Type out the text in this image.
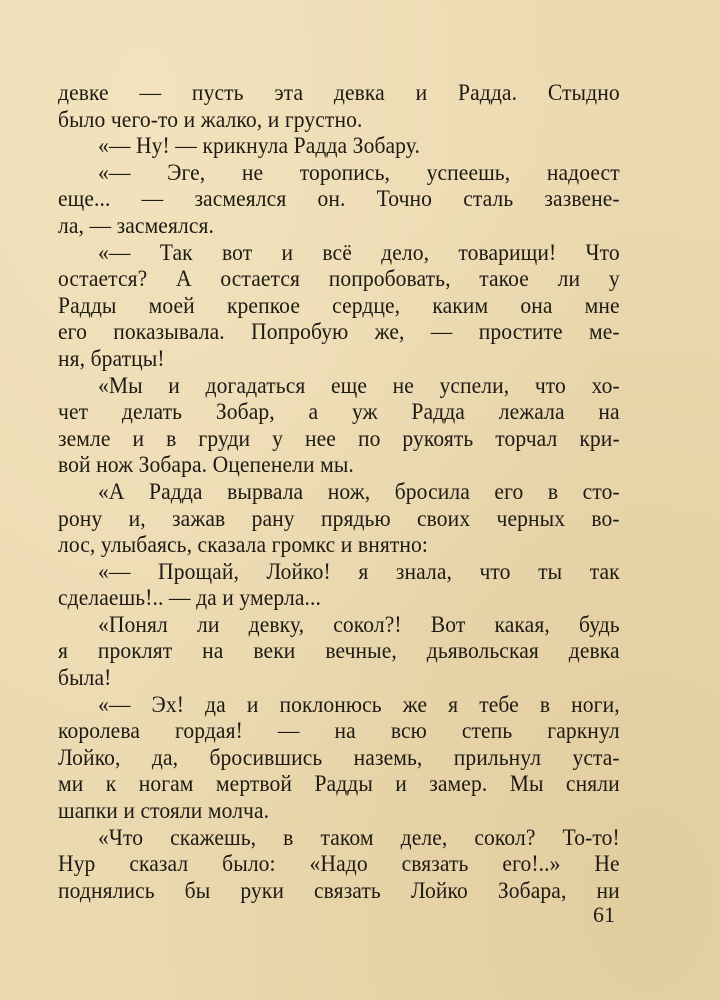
девке — пусть эта девка и Радда. Стыдно
было чего-то и жалко, и грустно.
«— Ну! — крикнула Радда Зобару.
«— Эге, не торопись, успеешь, надоест
еще... — засмеялся он. Точно сталь зазвене-
ла, — засмеялся.
«— Так вот и всё дело, товарищи! Что
остается? А остается попробовать, такое ли у
Радды моей крепкое сердце, каким она мне
его показывала. Попробую же, — простите ме-
ня, братцы!
«Мы и догадаться еще не успели, что хо-
чет делать Зобар, а уж Радда лежала на
земле и в груди у нее по рукоять торчал кри-
вой нож Зобара. Оцепенели мы.
«А Радда вырвала нож, бросила его в сто-
рону и, зажав рану прядью своих черных во-
лос, улыбаясь, сказала громкс и внятно:
«— Прощай, Лойко! я знала, что ты так
сделаешь!.. — да и умерла...
«Понял ли девку, сокол?! Вот какая, будь
я проклят на веки вечные, дьявольская девка
была!
«— Эх! да и поклонюсь же я тебе в ноги,
королева гордая! — на всю степь гаркнул
Лойко, да, бросившись наземь, прильнул уста-
ми к ногам мертвой Радды и замер. Мы сняли
шапки и стояли молча.
«Что скажешь, в таком деле, сокол? То-то!
Нур сказал было: «Надо связать его!..» Не
поднялись бы руки связать Лойко Зобара, ни
61
